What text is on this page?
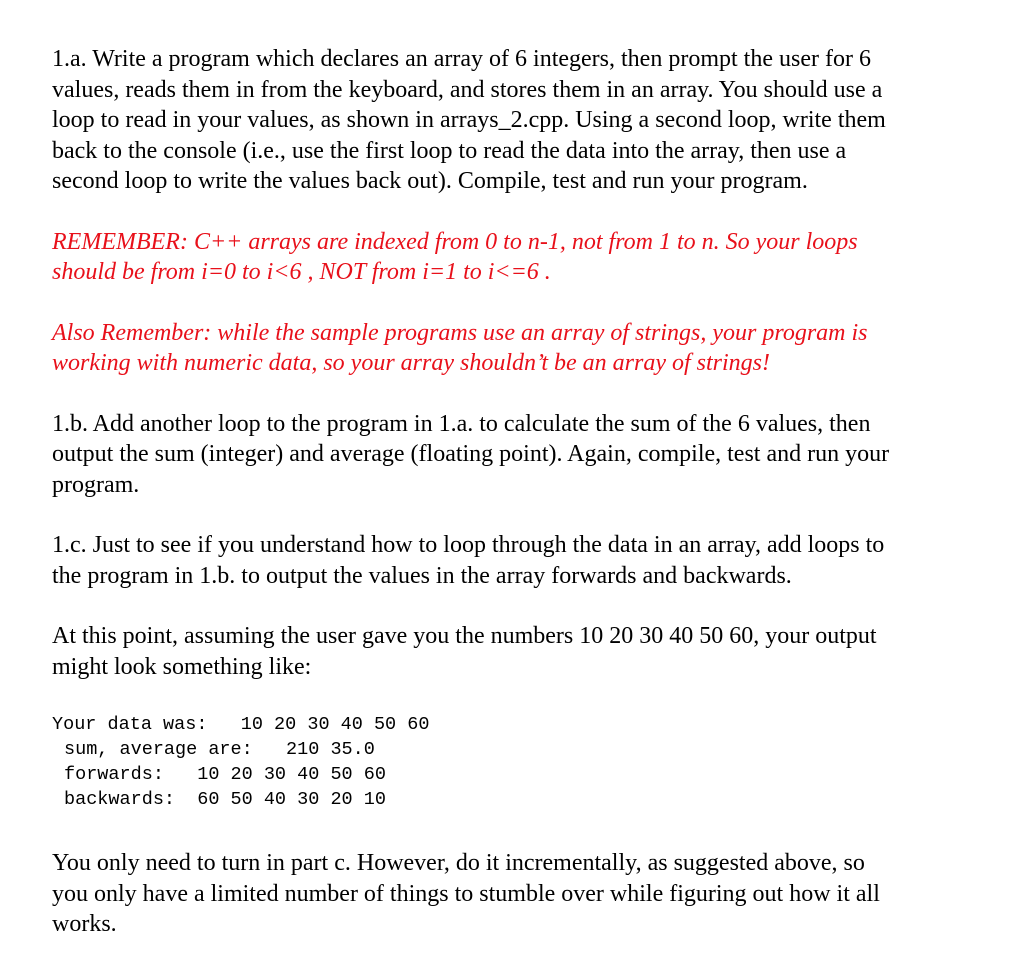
1.a. Write a program which declares an array of 6 integers, then prompt the user for 6
values, reads them in from the keyboard, and stores them in an array. You should use a
loop to read in your values, as shown in arrays_2.cpp. Using a second loop, write them
back to the console (i.e., use the first loop to read the data into the array, then use a
second loop to write the values back out). Compile, test and run your program.

REMEMBER: C++ arrays are indexed from 0 to n-1, not from 1 to n. So your loops
should be from i=0 to i<6 , NOT from i=1 to i<=6 .

Also Remember: while the sample programs use an array of strings, your program is
working with numeric data, so your array shouldn’t be an array of strings!

1.b. Add another loop to the program in 1.a. to calculate the sum of the 6 values, then
output the sum (integer) and average (floating point). Again, compile, test and run your
program.

1.c. Just to see if you understand how to loop through the data in an array, add loops to
the program in 1.b. to output the values in the array forwards and backwards.

At this point, assuming the user gave you the numbers 10 20 30 40 50 60, your output
might look something like:

Your data was:   10 20 30 40 50 60
sum, average are:   210 35.0
forwards:   10 20 30 40 50 60
backwards:  60 50 40 30 20 10

You only need to turn in part c. However, do it incrementally, as suggested above, so
you only have a limited number of things to stumble over while figuring out how it all
works.
